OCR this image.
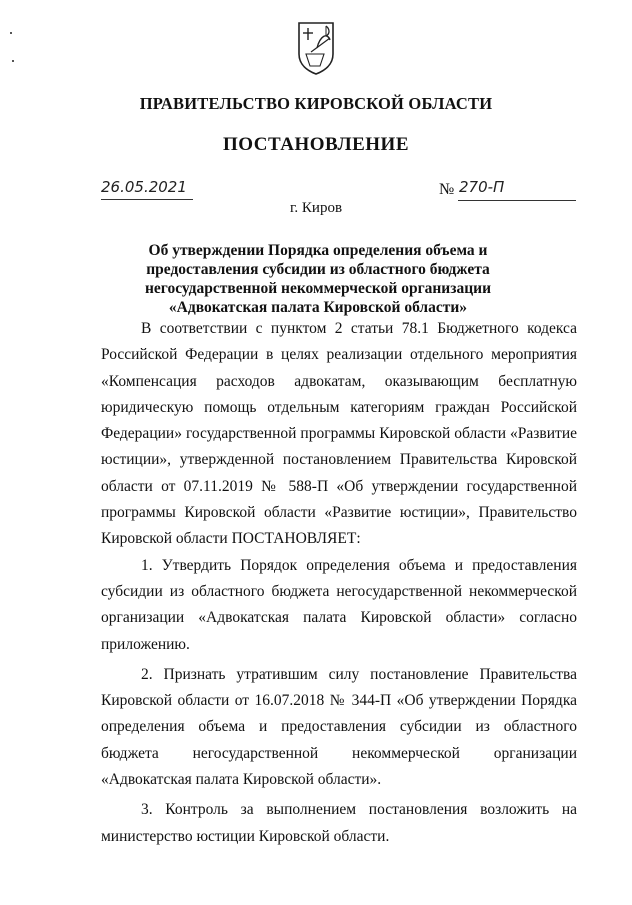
ПРАВИТЕЛЬСТВО КИРОВСКОЙ ОБЛАСТИ
ПОСТАНОВЛЕНИЕ
26.05.2021	№ 270-П
г. Киров
Об утверждении Порядка определения объема и предоставления субсидии из областного бюджета негосударственной некоммерческой организации «Адвокатская палата Кировской области»

В соответствии с пунктом 2 статьи 78.1 Бюджетного кодекса Российской Федерации в целях реализации отдельного мероприятия «Компенсация расходов адвокатам, оказывающим бесплатную юридическую помощь отдельным категориям граждан Российской Федерации» государственной программы Кировской области «Развитие юстиции», утвержденной постановлением Правительства Кировской области от 07.11.2019 № 588-П «Об утверждении государственной программы Кировской области «Развитие юстиции», Правительство Кировской области ПОСТАНОВЛЯЕТ:

1. Утвердить Порядок определения объема и предоставления субсидии из областного бюджета негосударственной некоммерческой организации «Адвокатская палата Кировской области» согласно приложению.

2. Признать утратившим силу постановление Правительства Кировской области от 16.07.2018 № 344-П «Об утверждении Порядка определения объема и предоставления субсидии из областного бюджета негосударственной некоммерческой организации «Адвокатская палата Кировской области».

3. Контроль за выполнением постановления возложить на министерство юстиции Кировской области.
